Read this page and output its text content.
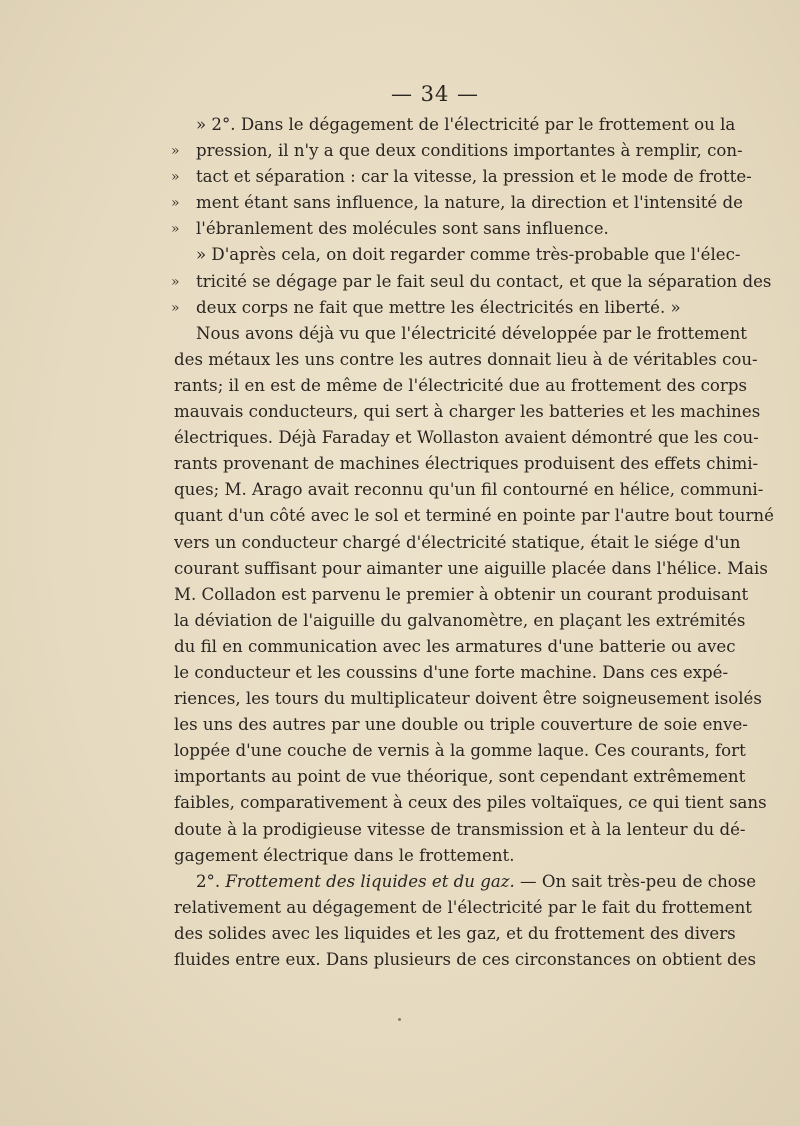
— 34 —
» 2°. Dans le dégagement de l'électricité par le frottement ou la
» pression, il n'y a que deux conditions importantes à remplir, con-
» tact et séparation : car la vitesse, la pression et le mode de frotte-
» ment étant sans influence, la nature, la direction et l'intensité de
» l'ébranlement des molécules sont sans influence.
» D'après cela, on doit regarder comme très-probable que l'élec-
» tricité se dégage par le fait seul du contact, et que la séparation des
» deux corps ne fait que mettre les électricités en liberté. »
Nous avons déjà vu que l'électricité développée par le frottement
des métaux les uns contre les autres donnait lieu à de véritables cou-
rants; il en est de même de l'électricité due au frottement des corps
mauvais conducteurs, qui sert à charger les batteries et les machines
électriques. Déjà Faraday et Wollaston avaient démontré que les cou-
rants provenant de machines électriques produisent des effets chimi-
ques; M. Arago avait reconnu qu'un fil contourné en hélice, communi-
quant d'un côté avec le sol et terminé en pointe par l'autre bout tourné
vers un conducteur chargé d'électricité statique, était le siége d'un
courant suffisant pour aimanter une aiguille placée dans l'hélice. Mais
M. Colladon est parvenu le premier à obtenir un courant produisant
la déviation de l'aiguille du galvanomètre, en plaçant les extrémités
du fil en communication avec les armatures d'une batterie ou avec
le conducteur et les coussins d'une forte machine. Dans ces expé-
riences, les tours du multiplicateur doivent être soigneusement isolés
les uns des autres par une double ou triple couverture de soie enve-
loppée d'une couche de vernis à la gomme laque. Ces courants, fort
importants au point de vue théorique, sont cependant extrêmement
faibles, comparativement à ceux des piles voltaïques, ce qui tient sans
doute à la prodigieuse vitesse de transmission et à la lenteur du dé-
gagement électrique dans le frottement.
2°. Frottement des liquides et du gaz. — On sait très-peu de chose
relativement au dégagement de l'électricité par le fait du frottement
des solides avec les liquides et les gaz, et du frottement des divers
fluides entre eux. Dans plusieurs de ces circonstances on obtient des
